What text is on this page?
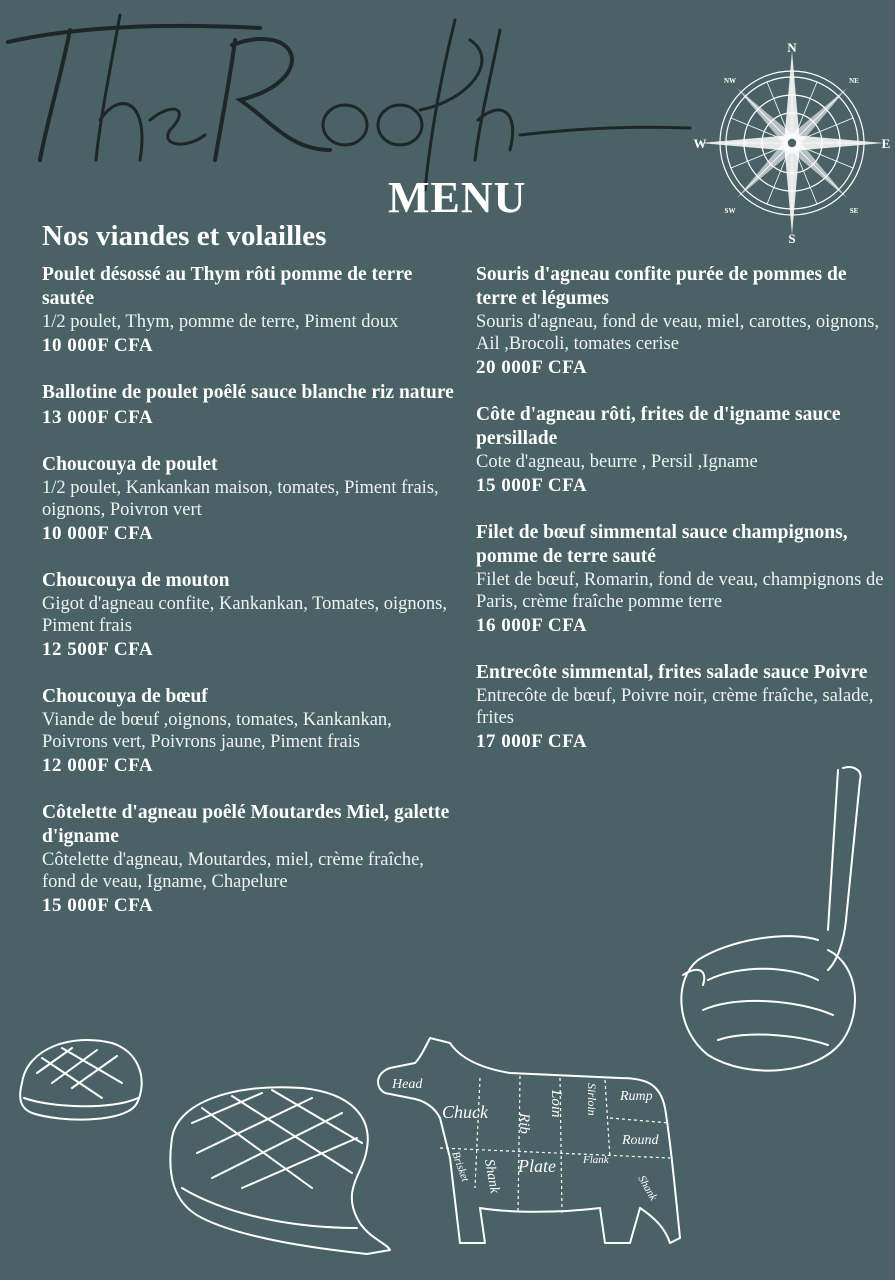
N
S
E
W
NE
NW
SE
SW
MENU
Nos viandes et volailles
Poulet désossé au Thym rôti pomme de terre sautée
1/2 poulet, Thym, pomme de terre, Piment doux
10 000F CFA
Ballotine de poulet poêlé sauce blanche riz nature
13 000F CFA
Choucouya de poulet
1/2 poulet, Kankankan maison, tomates, Piment frais, oignons, Poivron vert
10 000F CFA
Choucouya de mouton
Gigot d'agneau confite, Kankankan, Tomates, oignons, Piment frais
12 500F CFA
Choucouya de bœuf
Viande de bœuf ,oignons, tomates, Kankankan, Poivrons vert, Poivrons jaune, Piment frais
12 000F CFA
Côtelette d'agneau poêlé Moutardes Miel, galette d'igname
Côtelette d'agneau, Moutardes, miel, crème fraîche, fond de veau, Igname, Chapelure
15 000F CFA
Souris d'agneau confite purée de pommes de terre et légumes
Souris d'agneau, fond de veau, miel, carottes, oignons, Ail ,Brocoli, tomates cerise
20 000F CFA
Côte d'agneau rôti, frites de d'igname sauce persillade
Cote d'agneau, beurre , Persil ,Igname
15 000F CFA
Filet de bœuf simmental sauce champignons, pomme de terre sauté
Filet de bœuf, Romarin, fond de veau, champignons de Paris, crème fraîche pomme terre
16 000F CFA
Entrecôte simmental, frites salade sauce Poivre
Entrecôte de bœuf, Poivre noir, crème fraîche, salade, frites
17 000F CFA
Head
Chuck
Rib
Loin Sirloin Rump
Round
Brisket Shank Plate Flank
Shank
